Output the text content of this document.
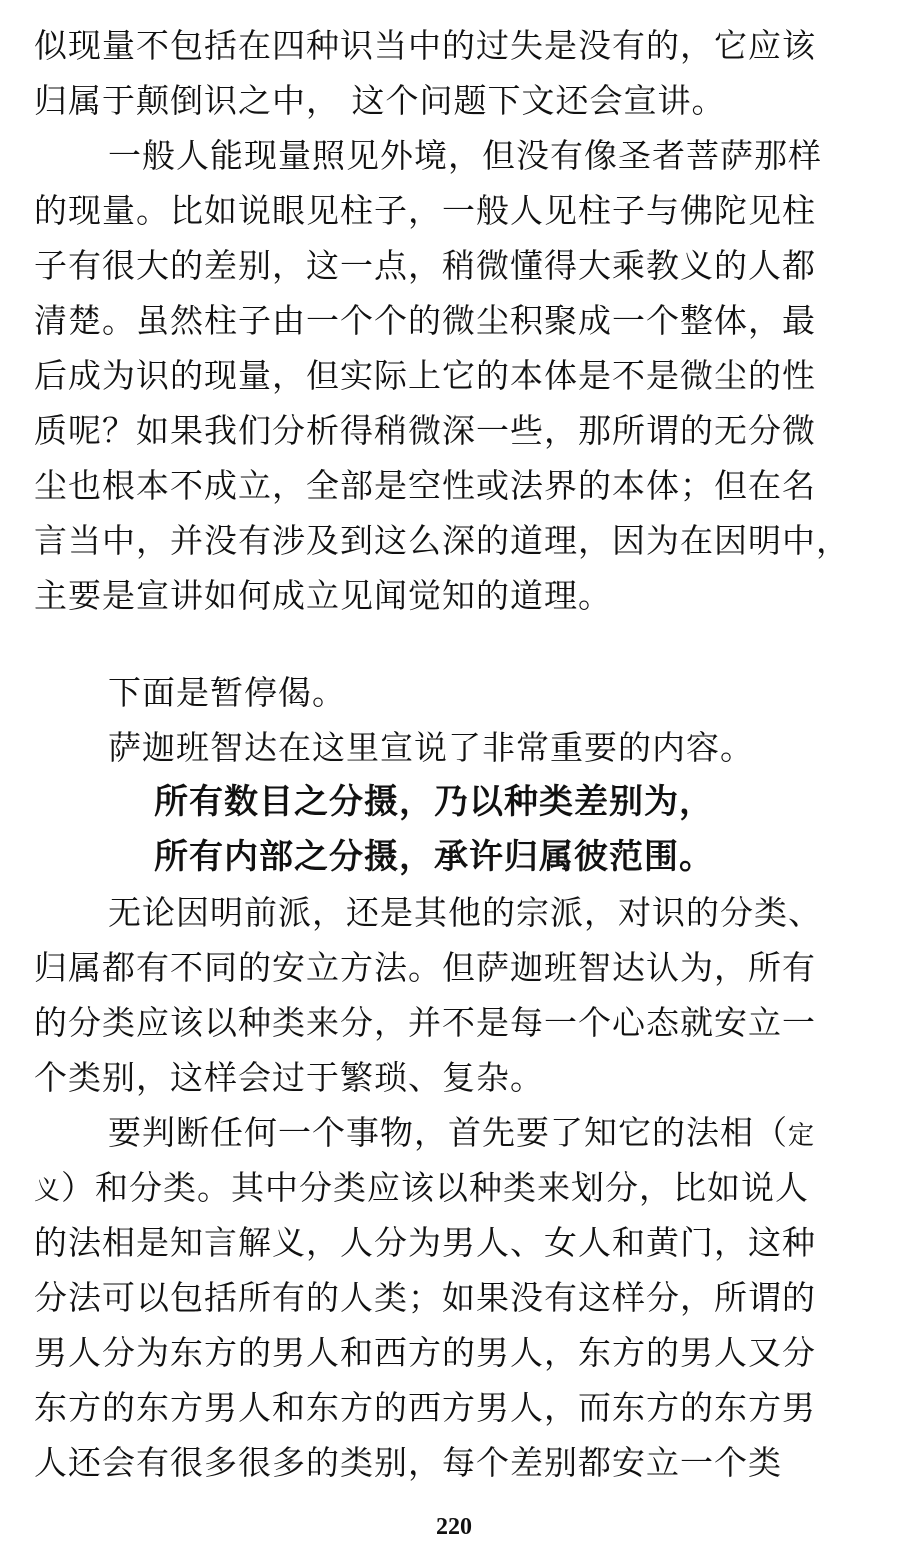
似现量不包括在四种识当中的过失是没有的，它应该
归属于颠倒识之中， 这个问题下文还会宣讲。
一般人能现量照见外境，但没有像圣者菩萨那样
的现量。比如说眼见柱子，一般人见柱子与佛陀见柱
子有很大的差别，这一点，稍微懂得大乘教义的人都
清楚。虽然柱子由一个个的微尘积聚成一个整体，最
后成为识的现量，但实际上它的本体是不是微尘的性
质呢？如果我们分析得稍微深一些，那所谓的无分微
尘也根本不成立，全部是空性或法界的本体；但在名
言当中，并没有涉及到这么深的道理，因为在因明中，
主要是宣讲如何成立见闻觉知的道理。
下面是暂停偈。
萨迦班智达在这里宣说了非常重要的内容。
所有数目之分摄，乃以种类差别为，
所有内部之分摄，承许归属彼范围。
无论因明前派，还是其他的宗派，对识的分类、
归属都有不同的安立方法。但萨迦班智达认为，所有
的分类应该以种类来分，并不是每一个心态就安立一
个类别，这样会过于繁琐、复杂。
要判断任何一个事物，首先要了知它的法相（定
义）和分类。其中分类应该以种类来划分，比如说人
的法相是知言解义，人分为男人、女人和黄门，这种
分法可以包括所有的人类；如果没有这样分，所谓的
男人分为东方的男人和西方的男人，东方的男人又分
东方的东方男人和东方的西方男人，而东方的东方男
人还会有很多很多的类别，每个差别都安立一个类
220
